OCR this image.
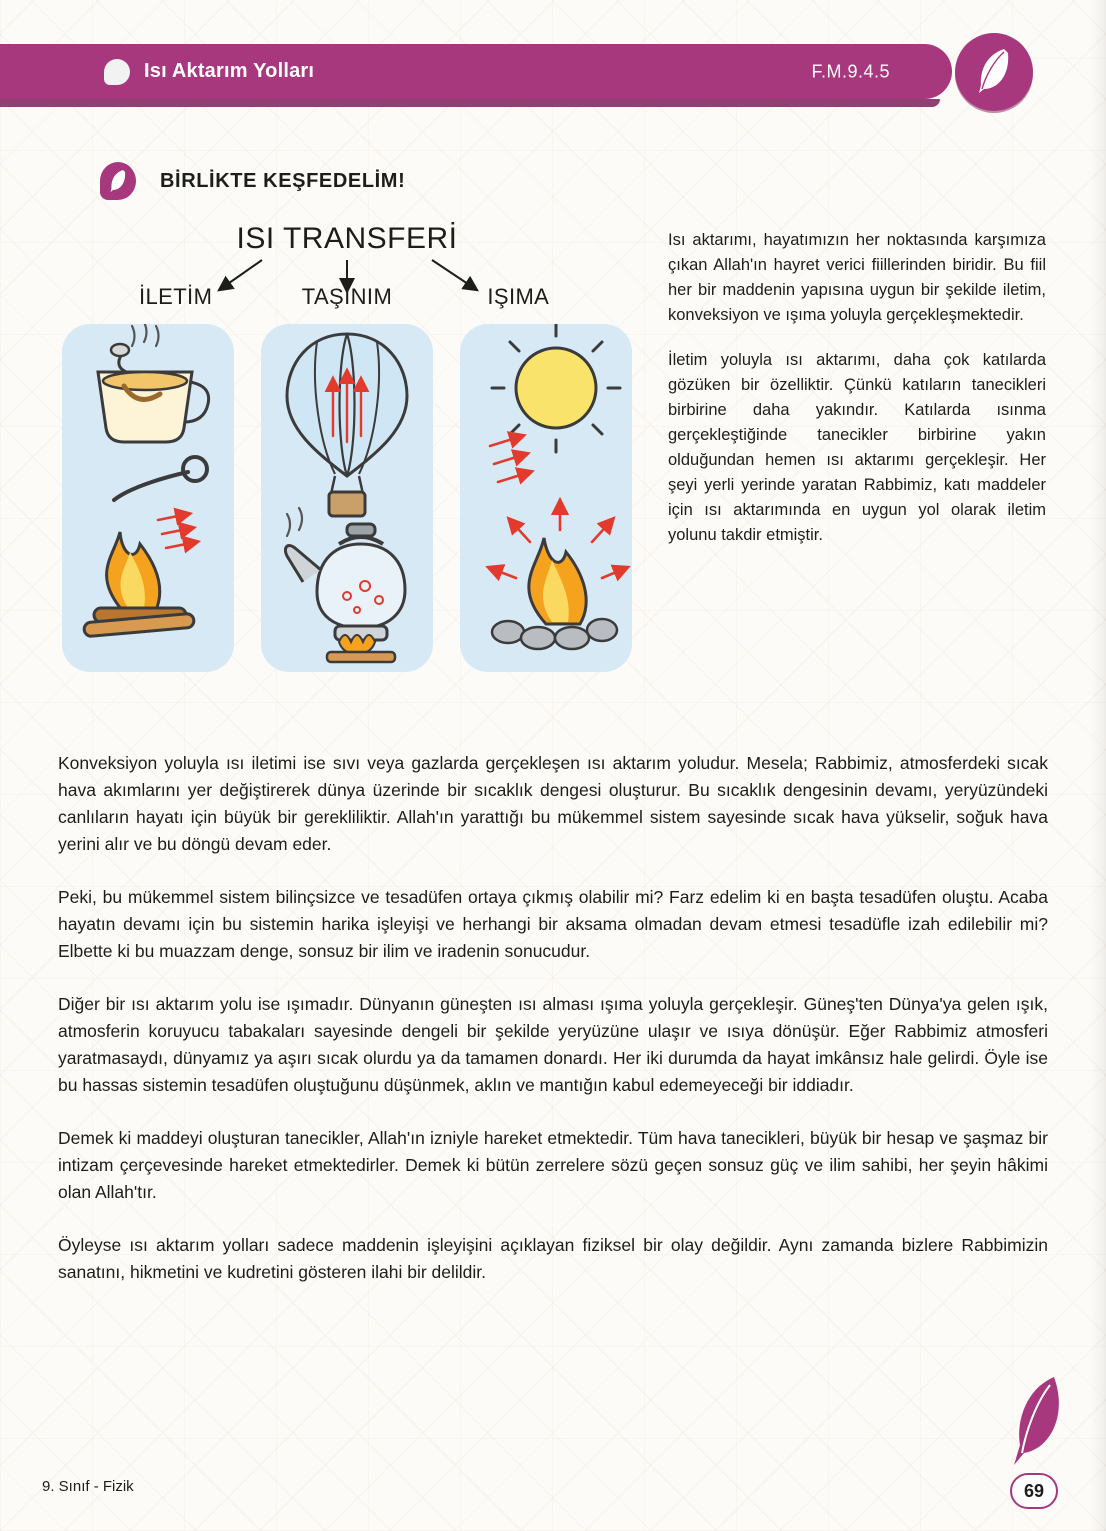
Isı Aktarım Yolları	F.M.9.4.5
BİRLİKTE KEŞFEDELİM!
ISI TRANSFERİ
İLETİM	TAŞINIM	IŞIMA

Isı aktarımı, hayatımızın her noktasında karşımıza çıkan Allah'ın hayret verici fiillerinden biridir. Bu fiil her bir maddenin yapısına uygun bir şekilde iletim, konveksiyon ve ışıma yoluyla gerçekleşmektedir.

İletim yoluyla ısı aktarımı, daha çok katılarda gözüken bir özelliktir. Çünkü katıların tanecikleri birbirine daha yakındır. Katılarda ısınma gerçekleştiğinde tanecikler birbirine yakın olduğundan hemen ısı aktarımı gerçekleşir. Her şeyi yerli yerinde yaratan Rabbimiz, katı maddeler için ısı aktarımında en uygun yol olarak iletim yolunu takdir etmiştir.

Konveksiyon yoluyla ısı iletimi ise sıvı veya gazlarda gerçekleşen ısı aktarım yoludur. Mesela; Rabbimiz, atmosferdeki sıcak hava akımlarını yer değiştirerek dünya üzerinde bir sıcaklık dengesi oluşturur. Bu sıcaklık dengesinin devamı, yeryüzündeki canlıların hayatı için büyük bir gerekliliktir. Allah'ın yarattığı bu mükemmel sistem sayesinde sıcak hava yükselir, soğuk hava yerini alır ve bu döngü devam eder.

Peki, bu mükemmel sistem bilinçsizce ve tesadüfen ortaya çıkmış olabilir mi? Farz edelim ki en başta tesadüfen oluştu. Acaba hayatın devamı için bu sistemin harika işleyişi ve herhangi bir aksama olmadan devam etmesi tesadüfle izah edilebilir mi? Elbette ki bu muazzam denge, sonsuz bir ilim ve iradenin sonucudur.

Diğer bir ısı aktarım yolu ise ışımadır. Dünyanın güneşten ısı alması ışıma yoluyla gerçekleşir. Güneş'ten Dünya'ya gelen ışık, atmosferin koruyucu tabakaları sayesinde dengeli bir şekilde yeryüzüne ulaşır ve ısıya dönüşür. Eğer Rabbimiz atmosferi yaratmasaydı, dünyamız ya aşırı sıcak olurdu ya da tamamen donardı. Her iki durumda da hayat imkânsız hale gelirdi. Öyle ise bu hassas sistemin tesadüfen oluştuğunu düşünmek, aklın ve mantığın kabul edemeyeceği bir iddiadır.

Demek ki maddeyi oluşturan tanecikler, Allah'ın izniyle hareket etmektedir. Tüm hava tanecikleri, büyük bir hesap ve şaşmaz bir intizam çerçevesinde hareket etmektedirler. Demek ki bütün zerrelere sözü geçen sonsuz güç ve ilim sahibi, her şeyin hâkimi olan Allah'tır.

Öyleyse ısı aktarım yolları sadece maddenin işleyişini açıklayan fiziksel bir olay değildir. Aynı zamanda bizlere Rabbimizin sanatını, hikmetini ve kudretini gösteren ilahi bir delildir.

9. Sınıf - Fizik	69
